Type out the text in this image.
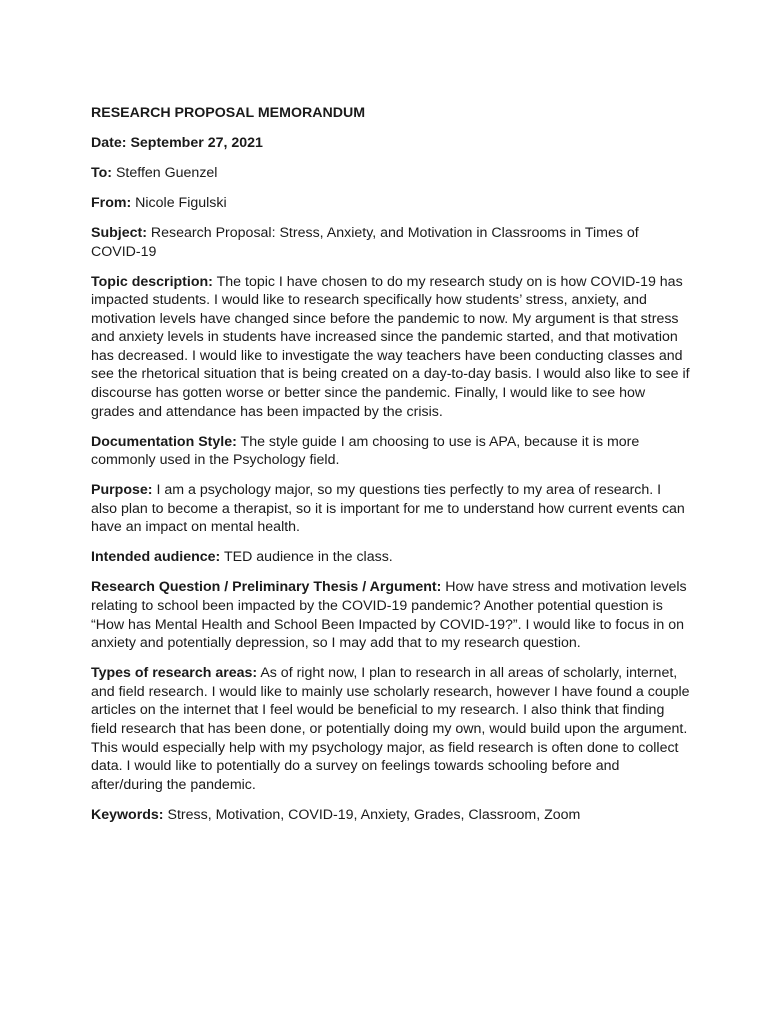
RESEARCH PROPOSAL MEMORANDUM
Date: September 27, 2021
To: Steffen Guenzel
From: Nicole Figulski
Subject: Research Proposal: Stress, Anxiety, and Motivation in Classrooms in Times of COVID-19
Topic description: The topic I have chosen to do my research study on is how COVID-19 has impacted students. I would like to research specifically how students’ stress, anxiety, and motivation levels have changed since before the pandemic to now. My argument is that stress and anxiety levels in students have increased since the pandemic started, and that motivation has decreased. I would like to investigate the way teachers have been conducting classes and see the rhetorical situation that is being created on a day-to-day basis. I would also like to see if discourse has gotten worse or better since the pandemic. Finally, I would like to see how grades and attendance has been impacted by the crisis.
Documentation Style: The style guide I am choosing to use is APA, because it is more commonly used in the Psychology field.
Purpose: I am a psychology major, so my questions ties perfectly to my area of research. I also plan to become a therapist, so it is important for me to understand how current events can have an impact on mental health.
Intended audience: TED audience in the class.
Research Question / Preliminary Thesis / Argument: How have stress and motivation levels relating to school been impacted by the COVID-19 pandemic? Another potential question is “How has Mental Health and School Been Impacted by COVID-19?”. I would like to focus in on anxiety and potentially depression, so I may add that to my research question.
Types of research areas: As of right now, I plan to research in all areas of scholarly, internet, and field research. I would like to mainly use scholarly research, however I have found a couple articles on the internet that I feel would be beneficial to my research. I also think that finding field research that has been done, or potentially doing my own, would build upon the argument. This would especially help with my psychology major, as field research is often done to collect data. I would like to potentially do a survey on feelings towards schooling before and after/during the pandemic.
Keywords: Stress, Motivation, COVID-19, Anxiety, Grades, Classroom, Zoom
